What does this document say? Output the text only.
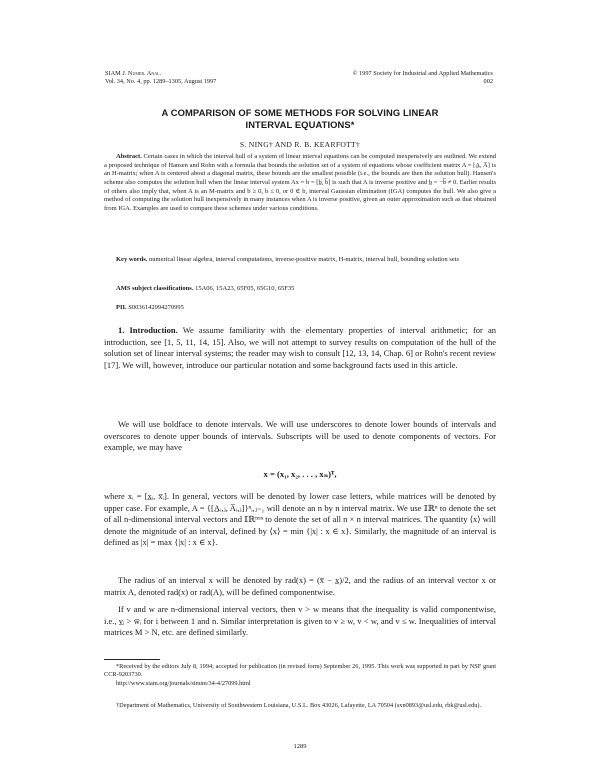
SIAM J. Numer. Anal.
Vol. 34, No. 4, pp. 1289–1305, August 1997
© 1997 Society for Industrial and Applied Mathematics
002
A COMPARISON OF SOME METHODS FOR SOLVING LINEAR
INTERVAL EQUATIONS*
S. NING† AND R. B. KEARFOTT†
Abstract. Certain cases in which the interval hull of a system of linear interval equations can be computed inexpensively are outlined. We extend a proposed technique of Hansen and Rohn with a formula that bounds the solution set of a system of equations whose coefficient matrix A = [A̲, A̅] is an H-matrix; when A is centered about a diagonal matrix, these bounds are the smallest possible (i.e., the bounds are then the solution hull). Hansen's scheme also computes the solution hull when the linear interval system Ax = b = [b̲, b̅] is such that A is inverse positive and b̲ = −b̅ ≠ 0. Earlier results of others also imply that, when A is an M-matrix and b ≥ 0, b ≤ 0, or 0 ∈ b, interval Gaussian elimination (IGA) computes the hull. We also give a method of computing the solution hull inexpensively in many instances when A is inverse positive, given an outer approximation such as that obtained from IGA. Examples are used to compare these schemes under various conditions.
Key words. numerical linear algebra, interval computations, inverse-positive matrix, H-matrix, interval hull, bounding solution sets
AMS subject classifications. 15A06, 15A23, 65F05, 65G10, 65F35
PII. S0036142994270995
1. Introduction. We assume familiarity with the elementary properties of interval arithmetic; for an introduction, see [1, 5, 11, 14, 15]. Also, we will not attempt to survey results on computation of the hull of the solution set of linear interval systems; the reader may wish to consult [12, 13, 14, Chap. 6] or Rohn's recent review [17]. We will, however, introduce our particular notation and some background facts used in this article.
We will use boldface to denote intervals. We will use underscores to denote lower bounds of intervals and overscores to denote upper bounds of intervals. Subscripts will be used to denote components of vectors. For example, we may have
x = (x₁, x₂, . . . , xₙ)ᵀ,
where xᵢ = [x̲ᵢ, x̅ᵢ]. In general, vectors will be denoted by lower case letters, while matrices will be denoted by upper case. For example, A = {[A̲ᵢ,ⱼ, A̅ᵢ,ⱼ]}ⁿᵢ,ⱼ₌₁ will denote an n by n interval matrix. We use 𝕀ℝⁿ to denote the set of all n-dimensional interval vectors and 𝕀ℝⁿˣⁿ to denote the set of all n × n interval matrices. The quantity ⟨x⟩ will denote the mignitude of an interval, defined by ⟨x⟩ = min {|x| : x ∈ x}. Similarly, the magnitude of an interval is defined as |x| = max {|x| : x ∈ x}.
The radius of an interval x will be denoted by rad(x) = (x̅ − x̲)/2, and the radius of an interval vector x or matrix A, denoted rad(x) or rad(A), will be defined componentwise.
If v and w are n-dimensional interval vectors, then v > w means that the inequality is valid componentwise, i.e., v̲ᵢ > w̅ᵢ for i between 1 and n. Similar interpretation is given to v ≥ w, v < w, and v ≤ w. Inequalities of interval matrices M > N, etc. are defined similarly.
*Received by the editors July 8, 1994; accepted for publication (in revised form) September 26, 1995. This work was supported in part by NSF grant CCR-9203730.
http://www.siam.org/journals/sinum/34-4/27099.html
†Department of Mathematics, University of Southwestern Louisiana, U.S.L. Box 43026, Lafayette, LA 70504 (sxn0893@usl.edu, rbk@usl.edu).
1289
